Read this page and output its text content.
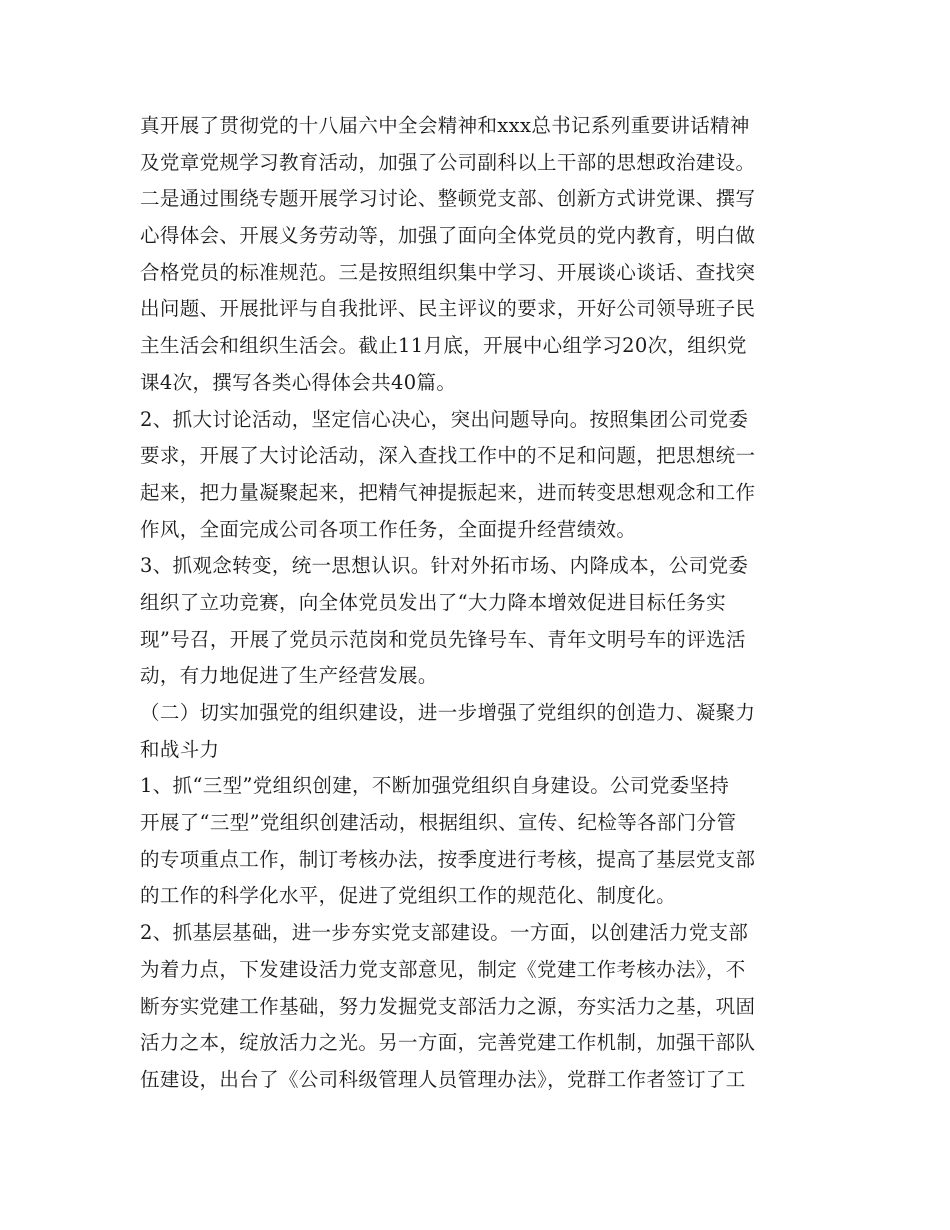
真开展了贯彻党的十八届六中全会精神和xxx总书记系列重要讲话精神
及党章党规学习教育活动，加强了公司副科以上干部的思想政治建设。
二是通过围绕专题开展学习讨论、整顿党支部、创新方式讲党课、撰写
心得体会、开展义务劳动等，加强了面向全体党员的党内教育，明白做
合格党员的标准规范。三是按照组织集中学习、开展谈心谈话、查找突
出问题、开展批评与自我批评、民主评议的要求，开好公司领导班子民
主生活会和组织生活会。截止11月底，开展中心组学习20次，组织党
课4次，撰写各类心得体会共40篇。
2、抓大讨论活动，坚定信心决心，突出问题导向。按照集团公司党委
要求，开展了大讨论活动，深入查找工作中的不足和问题，把思想统一
起来，把力量凝聚起来，把精气神提振起来，进而转变思想观念和工作
作风，全面完成公司各项工作任务，全面提升经营绩效。
3、抓观念转变，统一思想认识。针对外拓市场、内降成本，公司党委
组织了立功竞赛，向全体党员发出了“大力降本增效促进目标任务实
现”号召，开展了党员示范岗和党员先锋号车、青年文明号车的评选活
动，有力地促进了生产经营发展。
（二）切实加强党的组织建设，进一步增强了党组织的创造力、凝聚力
和战斗力
1、抓“三型”党组织创建，不断加强党组织自身建设。公司党委坚持
开展了“三型”党组织创建活动，根据组织、宣传、纪检等各部门分管
的专项重点工作，制订考核办法，按季度进行考核，提高了基层党支部
的工作的科学化水平，促进了党组织工作的规范化、制度化。
2、抓基层基础，进一步夯实党支部建设。一方面，以创建活力党支部
为着力点，下发建设活力党支部意见，制定《党建工作考核办法》，不
断夯实党建工作基础，努力发掘党支部活力之源，夯实活力之基，巩固
活力之本，绽放活力之光。另一方面，完善党建工作机制，加强干部队
伍建设，出台了《公司科级管理人员管理办法》，党群工作者签订了工
